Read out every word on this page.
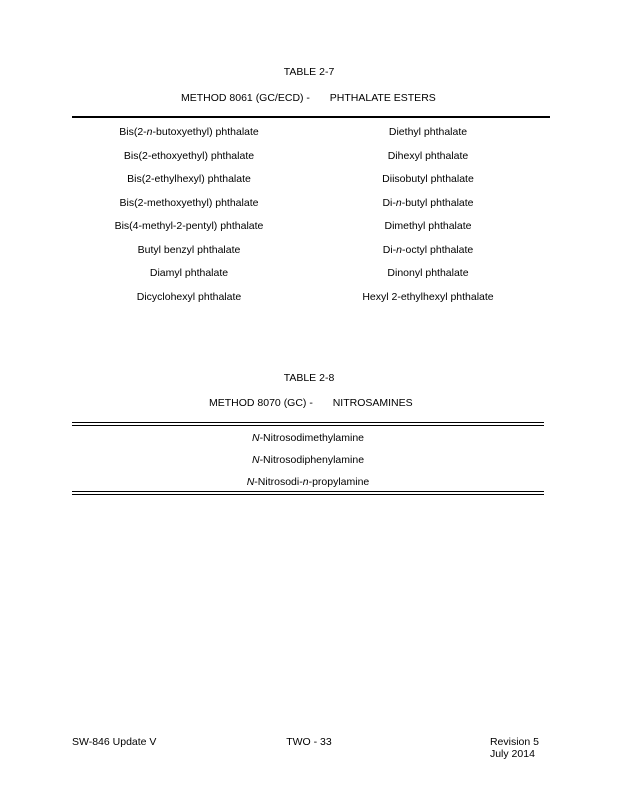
TABLE 2-7
METHOD 8061 (GC/ECD) - PHTHALATE ESTERS
Bis(2-n-butoxyethyl) phthalate
Bis(2-ethoxyethyl) phthalate
Bis(2-ethylhexyl) phthalate
Bis(2-methoxyethyl) phthalate
Bis(4-methyl-2-pentyl) phthalate
Butyl benzyl phthalate
Diamyl phthalate
Dicyclohexyl phthalate
Diethyl phthalate
Dihexyl phthalate
Diisobutyl phthalate
Di-n-butyl phthalate
Dimethyl phthalate
Di-n-octyl phthalate
Dinonyl phthalate
Hexyl 2-ethylhexyl phthalate
TABLE 2-8
METHOD 8070 (GC) - NITROSAMINES
N-Nitrosodimethylamine
N-Nitrosodiphenylamine
N-Nitrosodi-n-propylamine
SW-846 Update V	TWO - 33	Revision 5
July 2014
